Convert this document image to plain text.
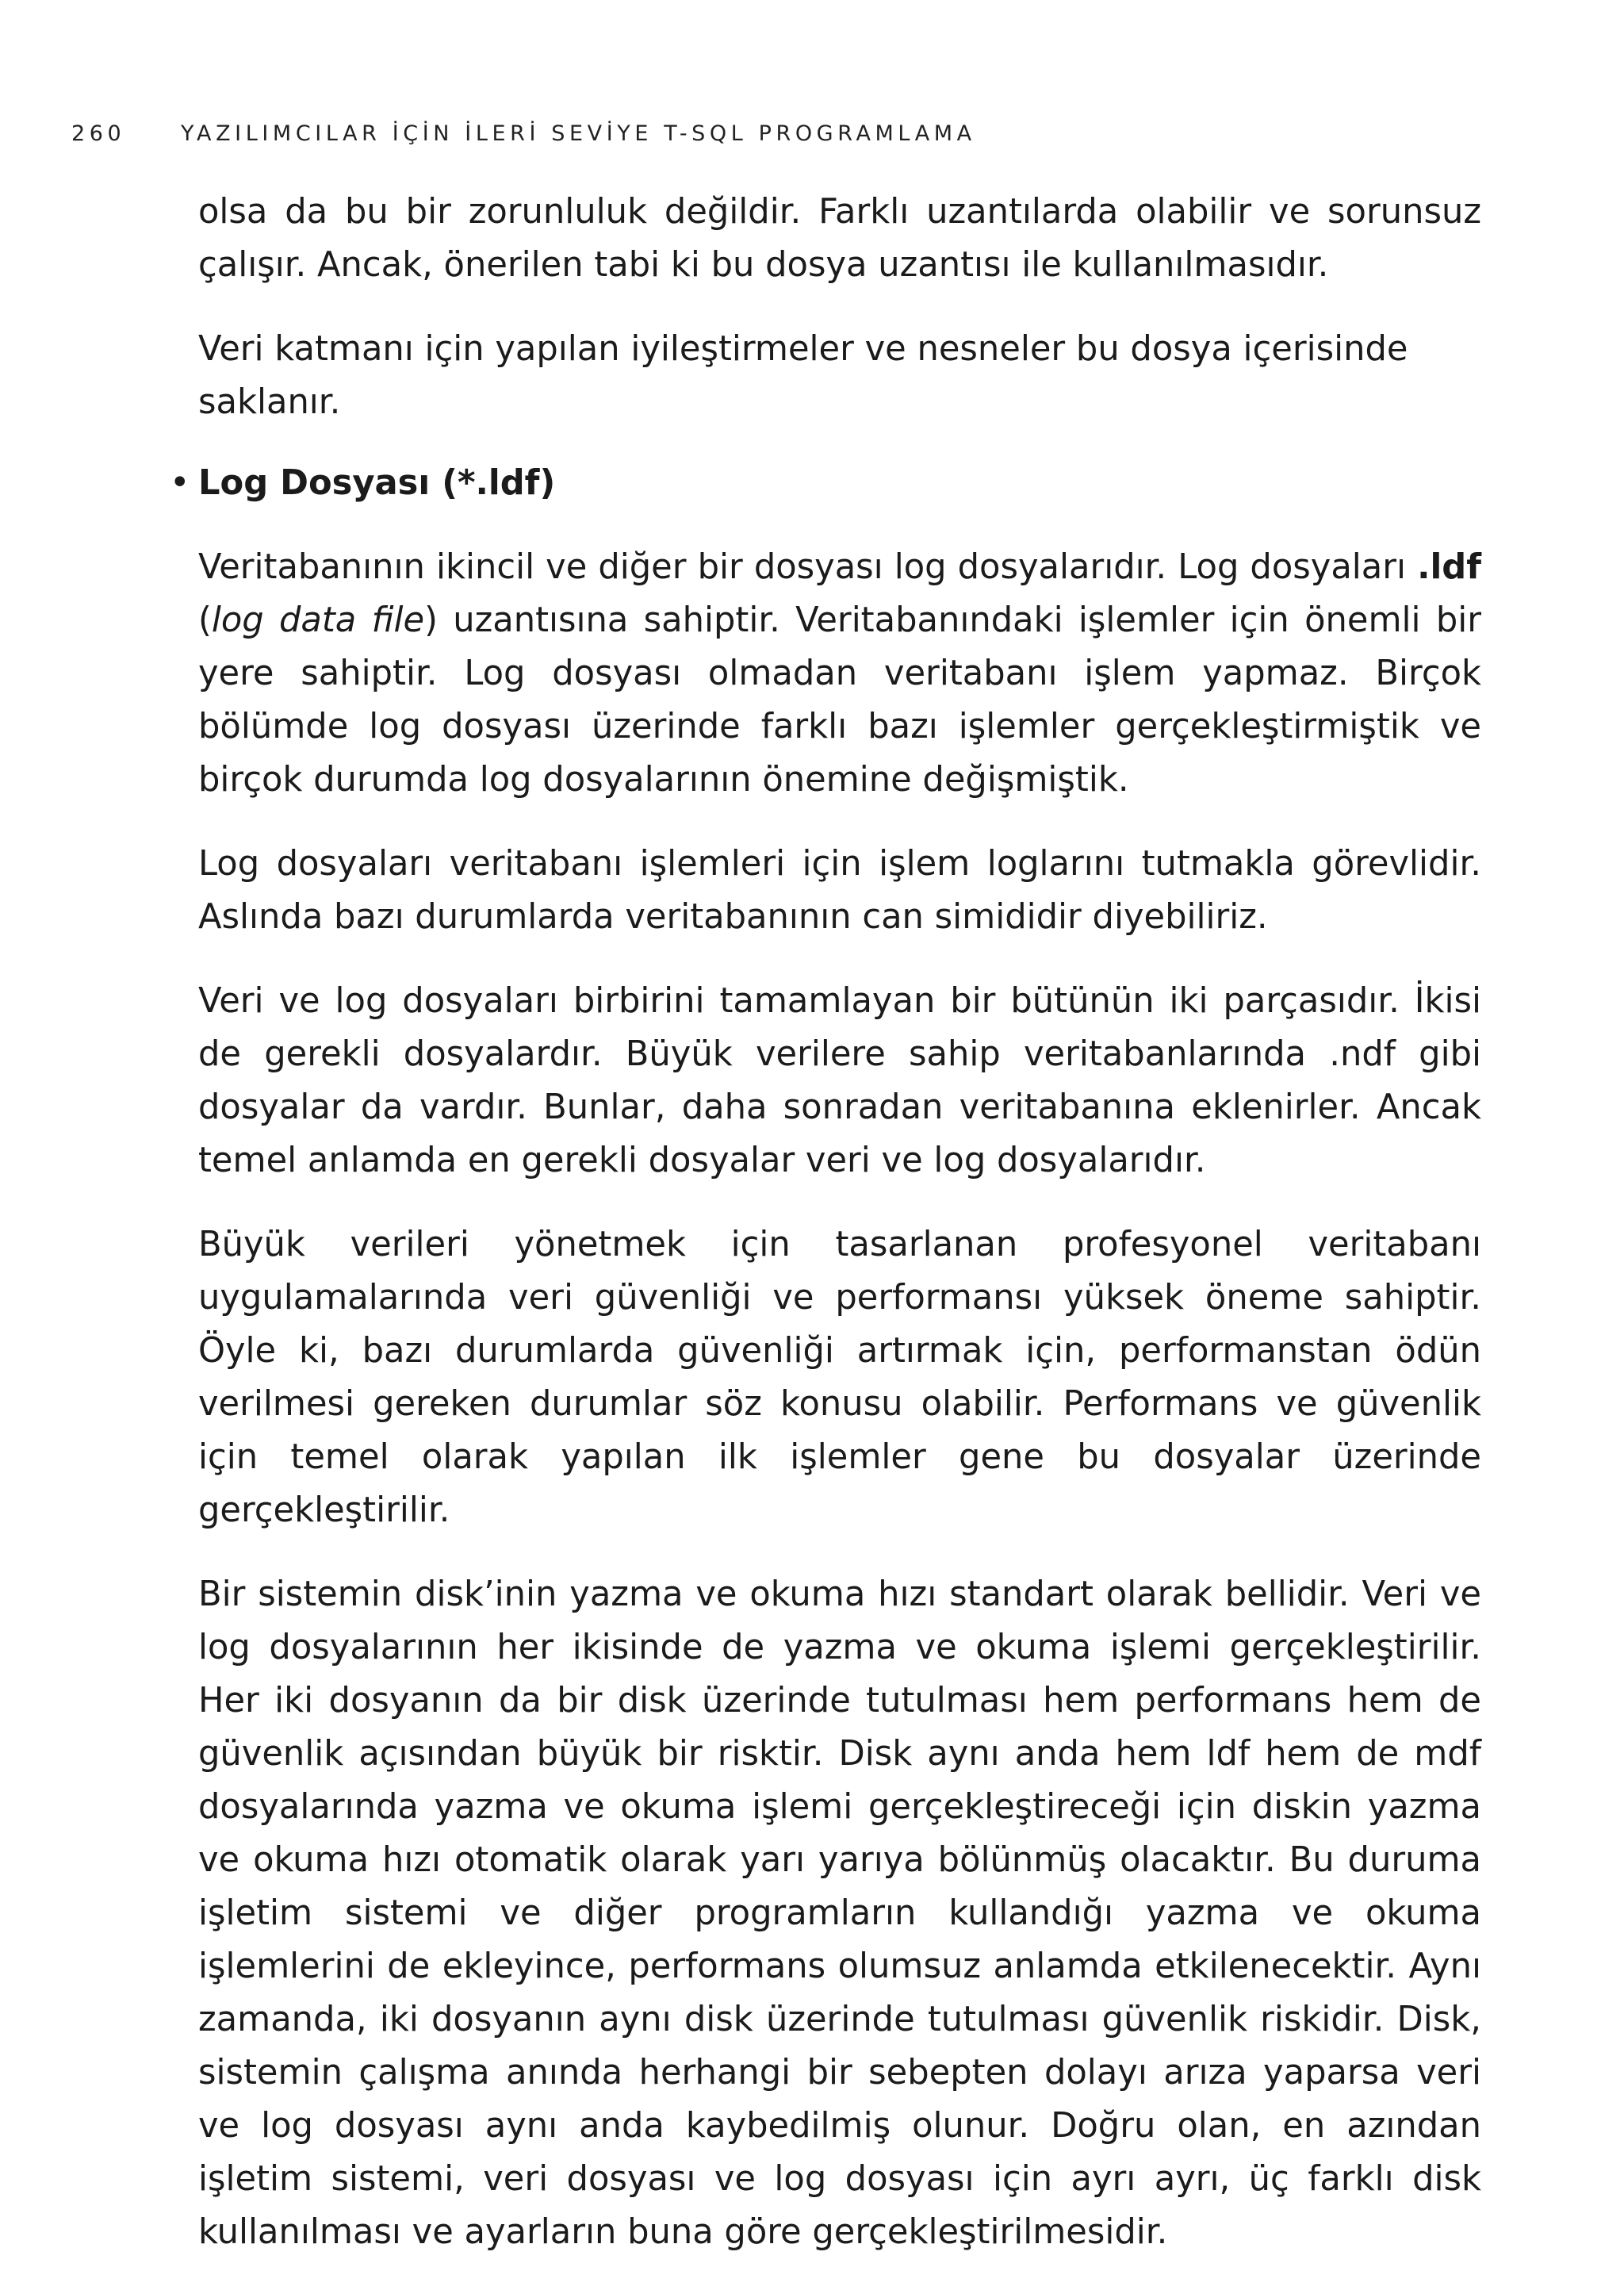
260	YAZILIMCILAR İÇİN İLERİ SEVİYE T-SQL PROGRAMLAMA

olsa da bu bir zorunluluk değildir. Farklı uzantılarda olabilir ve sorunsuz çalışır. Ancak, önerilen tabi ki bu dosya uzantısı ile kullanılmasıdır.

Veri katmanı için yapılan iyileştirmeler ve nesneler bu dosya içerisinde saklanır.

• Log Dosyası (*.ldf)

Veritabanının ikincil ve diğer bir dosyası log dosyalarıdır. Log dosyaları .ldf (log data file) uzantısına sahiptir. Veritabanındaki işlemler için önemli bir yere sahiptir. Log dosyası olmadan veritabanı işlem yapmaz. Birçok bölümde log dosyası üzerinde farklı bazı işlemler gerçekleştirmiştik ve birçok durumda log dosyalarının önemine değişmiştik.

Log dosyaları veritabanı işlemleri için işlem loglarını tutmakla görevlidir. Aslında bazı durumlarda veritabanının can simididir diyebiliriz.

Veri ve log dosyaları birbirini tamamlayan bir bütünün iki parçasıdır. İkisi de gerekli dosyalardır. Büyük verilere sahip veritabanlarında .ndf gibi dosyalar da vardır. Bunlar, daha sonradan veritabanına eklenirler. Ancak temel anlamda en gerekli dosyalar veri ve log dosyalarıdır.

Büyük verileri yönetmek için tasarlanan profesyonel veritabanı uygulamalarında veri güvenliği ve performansı yüksek öneme sahiptir. Öyle ki, bazı durumlarda güvenliği artırmak için, performanstan ödün verilmesi gereken durumlar söz konusu olabilir. Performans ve güvenlik için temel olarak yapılan ilk işlemler gene bu dosyalar üzerinde gerçekleştirilir.

Bir sistemin disk’inin yazma ve okuma hızı standart olarak bellidir. Veri ve log dosyalarının her ikisinde de yazma ve okuma işlemi gerçekleştirilir. Her iki dosyanın da bir disk üzerinde tutulması hem performans hem de güvenlik açısından büyük bir risktir. Disk aynı anda hem ldf hem de mdf dosyalarında yazma ve okuma işlemi gerçekleştireceği için diskin yazma ve okuma hızı otomatik olarak yarı yarıya bölünmüş olacaktır. Bu duruma işletim sistemi ve diğer programların kullandığı yazma ve okuma işlemlerini de ekleyince, performans olumsuz anlamda etkilenecektir. Aynı zamanda, iki dosyanın aynı disk üzerinde tutulması güvenlik riskidir. Disk, sistemin çalışma anında herhangi bir sebepten dolayı arıza yaparsa veri ve log dosyası aynı anda kaybedilmiş olunur. Doğru olan, en azından işletim sistemi, veri dosyası ve log dosyası için ayrı ayrı, üç farklı disk kullanılması ve ayarların buna göre gerçekleştirilmesidir.
